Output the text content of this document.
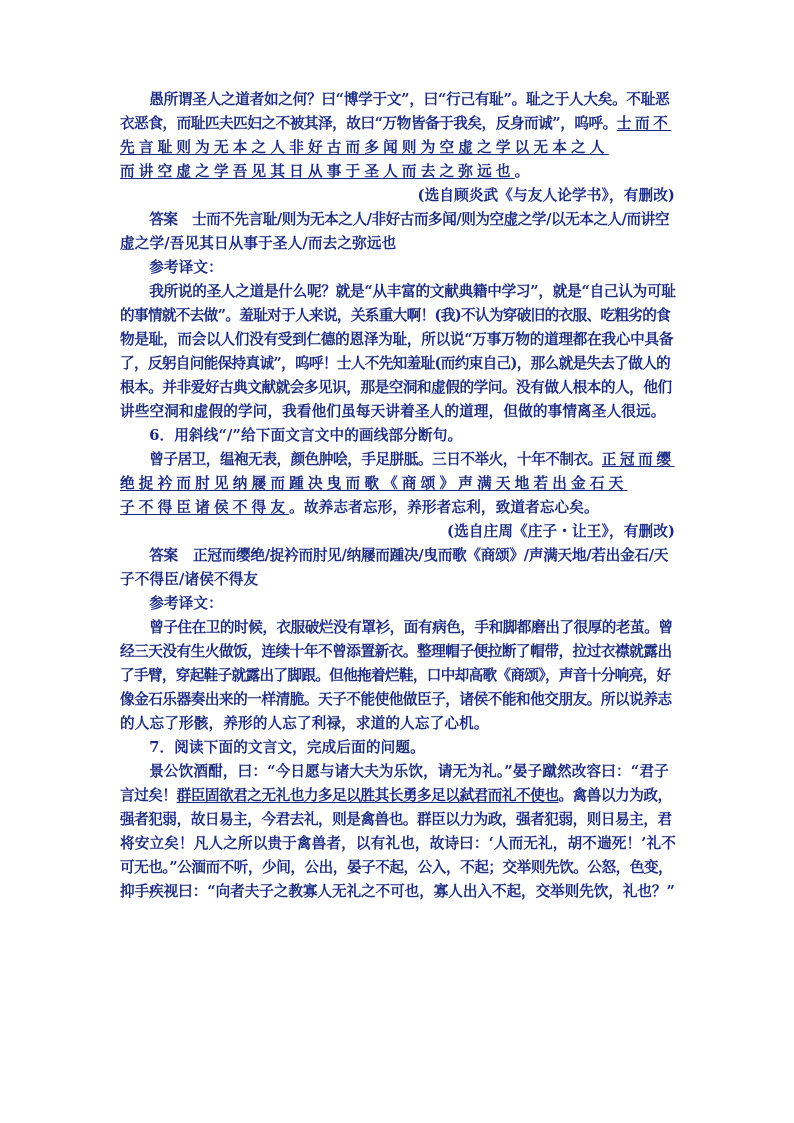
愚所谓圣人之道者如之何？曰“博学于文”，曰“行己有耻”。耻之于人大矣。不耻恶

衣恶食，而耻匹夫匹妇之不被其泽，故曰“万物皆备于我矣，反身而诚”，呜呼。士而不

先言耻则为无本之人非好古而多闻则为空虚之学以无本之人

而讲空虚之学吾见其日从事于圣人而去之弥远也。

(选自顾炎武《与友人论学书》，有删改)

答案 士而不先言耻/则为无本之人/非好古而多闻/则为空虚之学/以无本之人/而讲空

虚之学/吾见其日从事于圣人/而去之弥远也

参考译文：

我所说的圣人之道是什么呢？就是“从丰富的文献典籍中学习”，就是“自己认为可耻

的事情就不去做”。羞耻对于人来说，关系重大啊！(我)不认为穿破旧的衣服、吃粗劣的食

物是耻，而会以人们没有受到仁德的恩泽为耻，所以说“万事万物的道理都在我心中具备

了，反躬自问能保持真诚”，呜呼！士人不先知羞耻(而约束自己)，那么就是失去了做人的

根本。并非爱好古典文献就会多见识，那是空洞和虚假的学问。没有做人根本的人，他们

讲些空洞和虚假的学问，我看他们虽每天讲着圣人的道理，但做的事情离圣人很远。

6．用斜线“/”给下面文言文中的画线部分断句。

曾子居卫，缊袍无表，颜色肿哙，手足胼胝。三日不举火，十年不制衣。正冠而缨

绝捉衿而肘见纳屦而踵决曳而歌《商颂》声满天地若出金石天

子不得臣诸侯不得友。故养志者忘形，养形者忘利，致道者忘心矣。

(选自庄周《庄子・让王》，有删改)

答案 正冠而缨绝/捉衿而肘见/纳屦而踵决/曳而歌《商颂》/声满天地/若出金石/天

子不得臣/诸侯不得友

参考译文：

曾子住在卫的时候，衣服破烂没有罩衫，面有病色，手和脚都磨出了很厚的老茧。曾

经三天没有生火做饭，连续十年不曾添置新衣。整理帽子便拉断了帽带，拉过衣襟就露出

了手臂，穿起鞋子就露出了脚跟。但他拖着烂鞋，口中却高歌《商颂》，声音十分响亮，好

像金石乐器奏出来的一样清脆。天子不能使他做臣子，诸侯不能和他交朋友。所以说养志

的人忘了形骸，养形的人忘了利禄，求道的人忘了心机。

7．阅读下面的文言文，完成后面的问题。

景公饮酒酣，曰：“今日愿与诸大夫为乐饮，请无为礼。”晏子蹴然改容曰：“君子

言过矣！群臣固欲君之无礼也力多足以胜其长勇多足以弑君而礼不使也。禽兽以力为政，

强者犯弱，故日易主，今君去礼，则是禽兽也。群臣以力为政，强者犯弱，则日易主，君

将安立矣！凡人之所以贵于禽兽者，以有礼也，故诗曰：‘人而无礼，胡不遄死！’礼不

可无也。”公湎而不听，少间，公出，晏子不起，公入，不起；交举则先饮。公怒，色变，

抑手疾视曰：“向者夫子之教寡人无礼之不可也，寡人出入不起，交举则先饮，礼也？”
